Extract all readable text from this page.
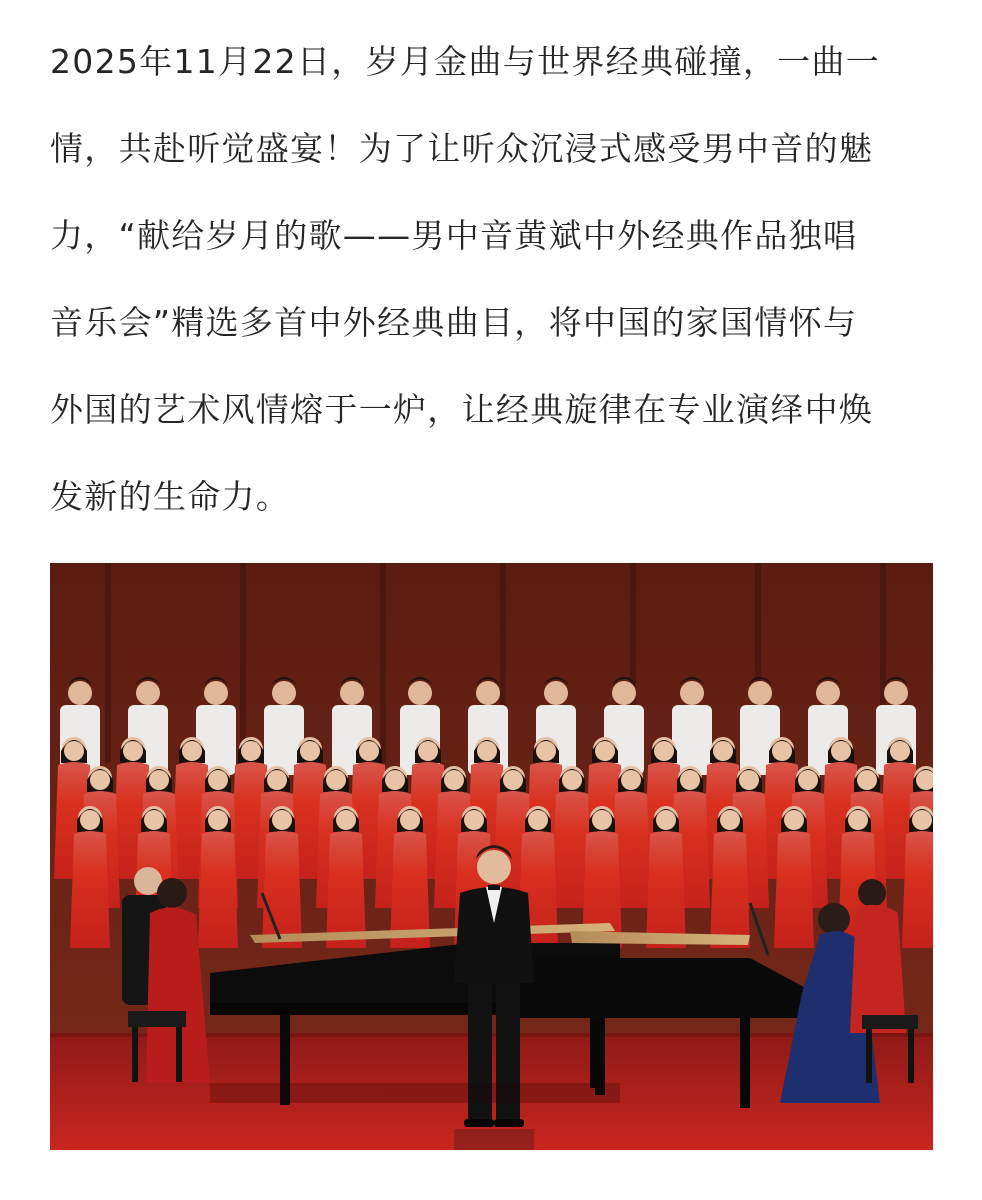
2025年11月22日，岁月金曲与世界经典碰撞，一曲一
情，共赴听觉盛宴！为了让听众沉浸式感受男中音的魅
力，“献给岁月的歌——男中音黄斌中外经典作品独唱
音乐会”精选多首中外经典曲目，将中国的家国情怀与
外国的艺术风情熔于一炉，让经典旋律在专业演绎中焕
发新的生命力。
